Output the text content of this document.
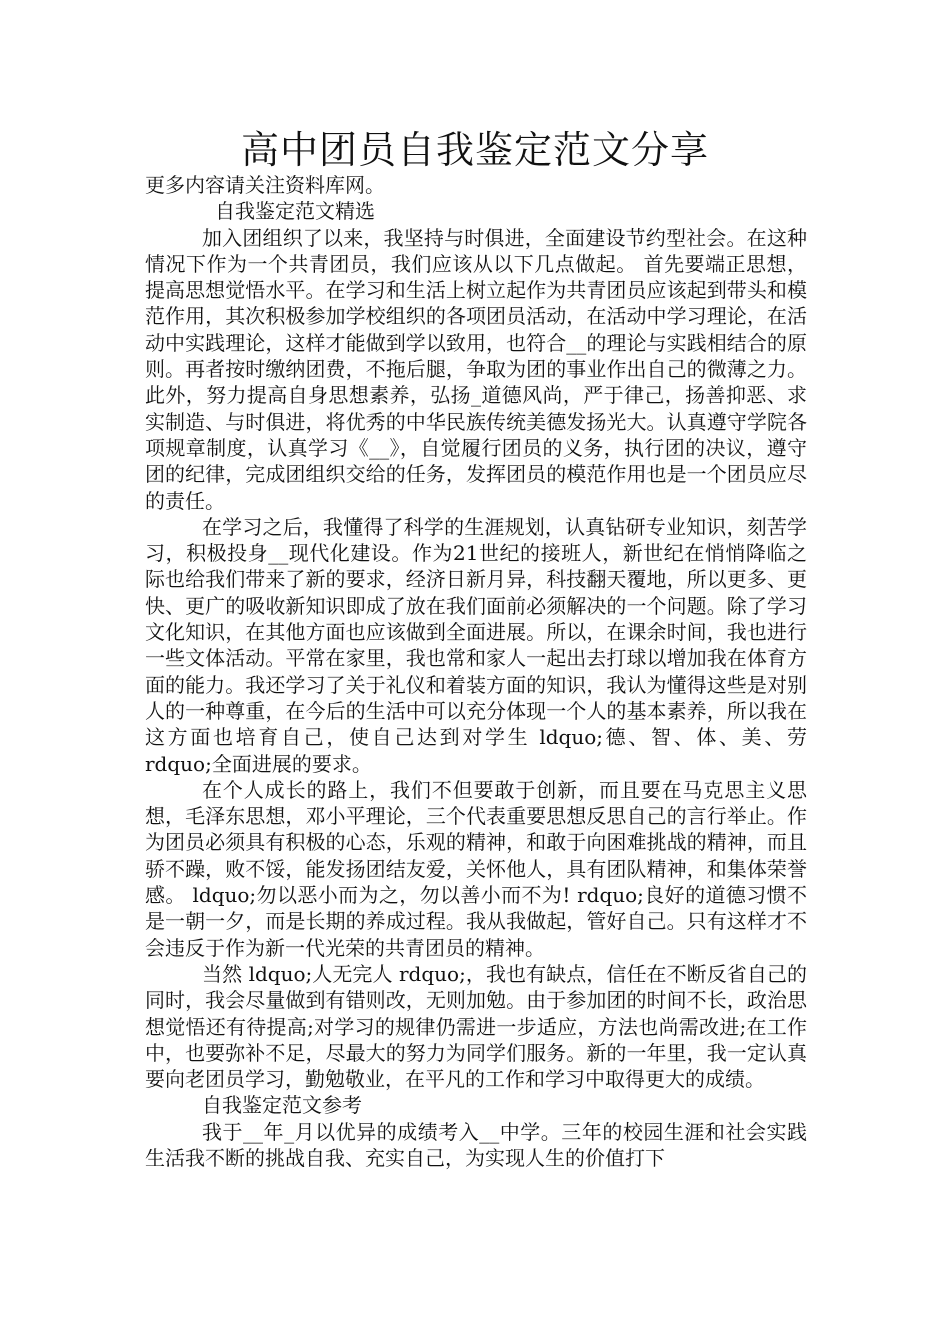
高中团员自我鉴定范文分享

更多内容请关注资料库网。

自我鉴定范文精选

加入团组织了以来，我坚持与时俱进，全面建设节约型社会。在这种情况下作为一个共青团员，我们应该从以下几点做起。 首先要端正思想，提高思想觉悟水平。在学习和生活上树立起作为共青团员应该起到带头和模范作用，其次积极参加学校组织的各项团员活动，在活动中学习理论，在活动中实践理论，这样才能做到学以致用，也符合__的理论与实践相结合的原则。再者按时缴纳团费，不拖后腿，争取为团的事业作出自己的微薄之力。此外，努力提高自身思想素养，弘扬_道德风尚，严于律己，扬善抑恶、求实制造、与时俱进，将优秀的中华民族传统美德发扬光大。认真遵守学院各项规章制度，认真学习《__》，自觉履行团员的义务，执行团的决议，遵守团的纪律，完成团组织交给的任务，发挥团员的模范作用也是一个团员应尽的责任。

在学习之后，我懂得了科学的生涯规划，认真钻研专业知识，刻苦学习，积极投身__现代化建设。作为21世纪的接班人，新世纪在悄悄降临之际也给我们带来了新的要求，经济日新月异，科技翻天覆地，所以更多、更快、更广的吸收新知识即成了放在我们面前必须解决的一个问题。除了学习文化知识，在其他方面也应该做到全面进展。所以，在课余时间，我也进行一些文体活动。平常在家里，我也常和家人一起出去打球以增加我在体育方面的能力。我还学习了关于礼仪和着装方面的知识，我认为懂得这些是对别人的一种尊重，在今后的生活中可以充分体现一个人的基本素养，所以我在这方面也培育自己，使自己达到对学生 ldquo;德、智、体、美、劳 rdquo;全面进展的要求。

在个人成长的路上，我们不但要敢于创新，而且要在马克思主义思想，毛泽东思想，邓小平理论，三个代表重要思想反思自己的言行举止。作为团员必须具有积极的心态，乐观的精神，和敢于向困难挑战的精神，而且骄不躁，败不馁，能发扬团结友爱，关怀他人，具有团队精神，和集体荣誉感。 ldquo;勿以恶小而为之，勿以善小而不为! rdquo;良好的道德习惯不是一朝一夕，而是长期的养成过程。我从我做起，管好自己。只有这样才不会违反于作为新一代光荣的共青团员的精神。

当然 ldquo;人无完人 rdquo;，我也有缺点，信任在不断反省自己的同时，我会尽量做到有错则改，无则加勉。由于参加团的时间不长，政治思想觉悟还有待提高;对学习的规律仍需进一步适应，方法也尚需改进;在工作中，也要弥补不足，尽最大的努力为同学们服务。新的一年里，我一定认真要向老团员学习，勤勉敬业，在平凡的工作和学习中取得更大的成绩。

自我鉴定范文参考

我于__年_月以优异的成绩考入__中学。三年的校园生涯和社会实践生活我不断的挑战自我、充实自己，为实现人生的价值打下
